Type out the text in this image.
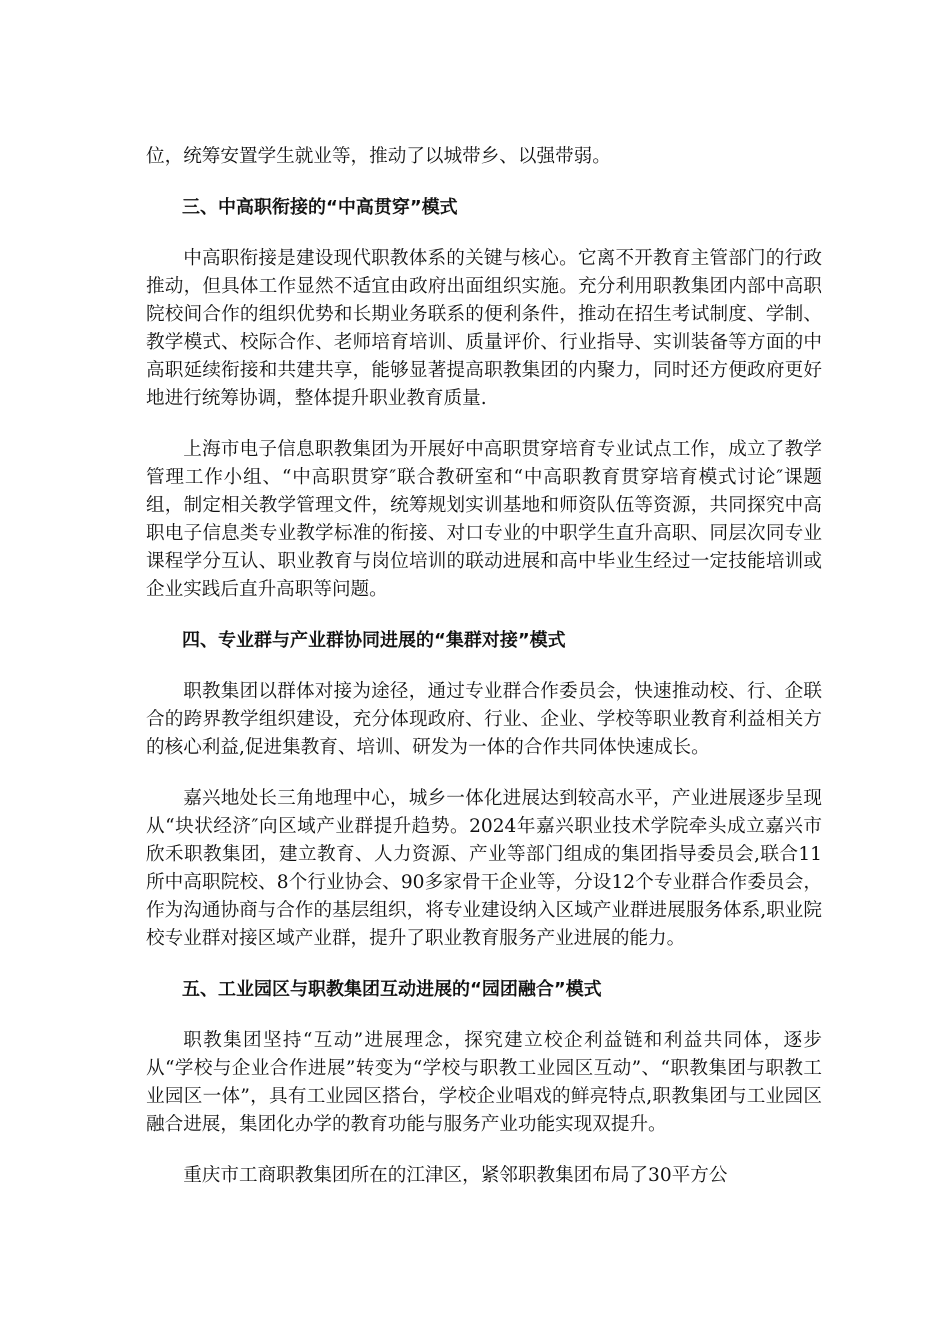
位，统筹安置学生就业等，推动了以城带乡、以强带弱。

三、中高职衔接的“中高贯穿”模式

中高职衔接是建设现代职教体系的关键与核心。它离不开教育主管部门的行政推动，但具体工作显然不适宜由政府出面组织实施。充分利用职教集团内部中高职院校间合作的组织优势和长期业务联系的便利条件，推动在招生考试制度、学制、教学模式、校际合作、老师培育培训、质量评价、行业指导、实训装备等方面的中高职延续衔接和共建共享，能够显著提高职教集团的内聚力，同时还方便政府更好地进行统筹协调，整体提升职业教育质量.

上海市电子信息职教集团为开展好中高职贯穿培育专业试点工作，成立了教学管理工作小组、“中高职贯穿″联合教研室和“中高职教育贯穿培育模式讨论″课题组，制定相关教学管理文件，统筹规划实训基地和师资队伍等资源，共同探究中高职电子信息类专业教学标准的衔接、对口专业的中职学生直升高职、同层次同专业课程学分互认、职业教育与岗位培训的联动进展和高中毕业生经过一定技能培训或企业实践后直升高职等问题。

四、专业群与产业群协同进展的“集群对接”模式

职教集团以群体对接为途径，通过专业群合作委员会，快速推动校、行、企联合的跨界教学组织建设，充分体现政府、行业、企业、学校等职业教育利益相关方的核心利益,促进集教育、培训、研发为一体的合作共同体快速成长。

嘉兴地处长三角地理中心，城乡一体化进展达到较高水平，产业进展逐步呈现从“块状经济″向区域产业群提升趋势。2024年嘉兴职业技术学院牵头成立嘉兴市欣禾职教集团，建立教育、人力资源、产业等部门组成的集团指导委员会,联合11所中高职院校、8个行业协会、90多家骨干企业等，分设12个专业群合作委员会，作为沟通协商与合作的基层组织，将专业建设纳入区域产业群进展服务体系,职业院校专业群对接区域产业群，提升了职业教育服务产业进展的能力。

五、工业园区与职教集团互动进展的“园团融合”模式

职教集团坚持“互动”进展理念，探究建立校企利益链和利益共同体，逐步从“学校与企业合作进展”转变为“学校与职教工业园区互动”、“职教集团与职教工业园区一体”，具有工业园区搭台，学校企业唱戏的鲜亮特点,职教集团与工业园区融合进展，集团化办学的教育功能与服务产业功能实现双提升。

重庆市工商职教集团所在的江津区，紧邻职教集团布局了30平方公
